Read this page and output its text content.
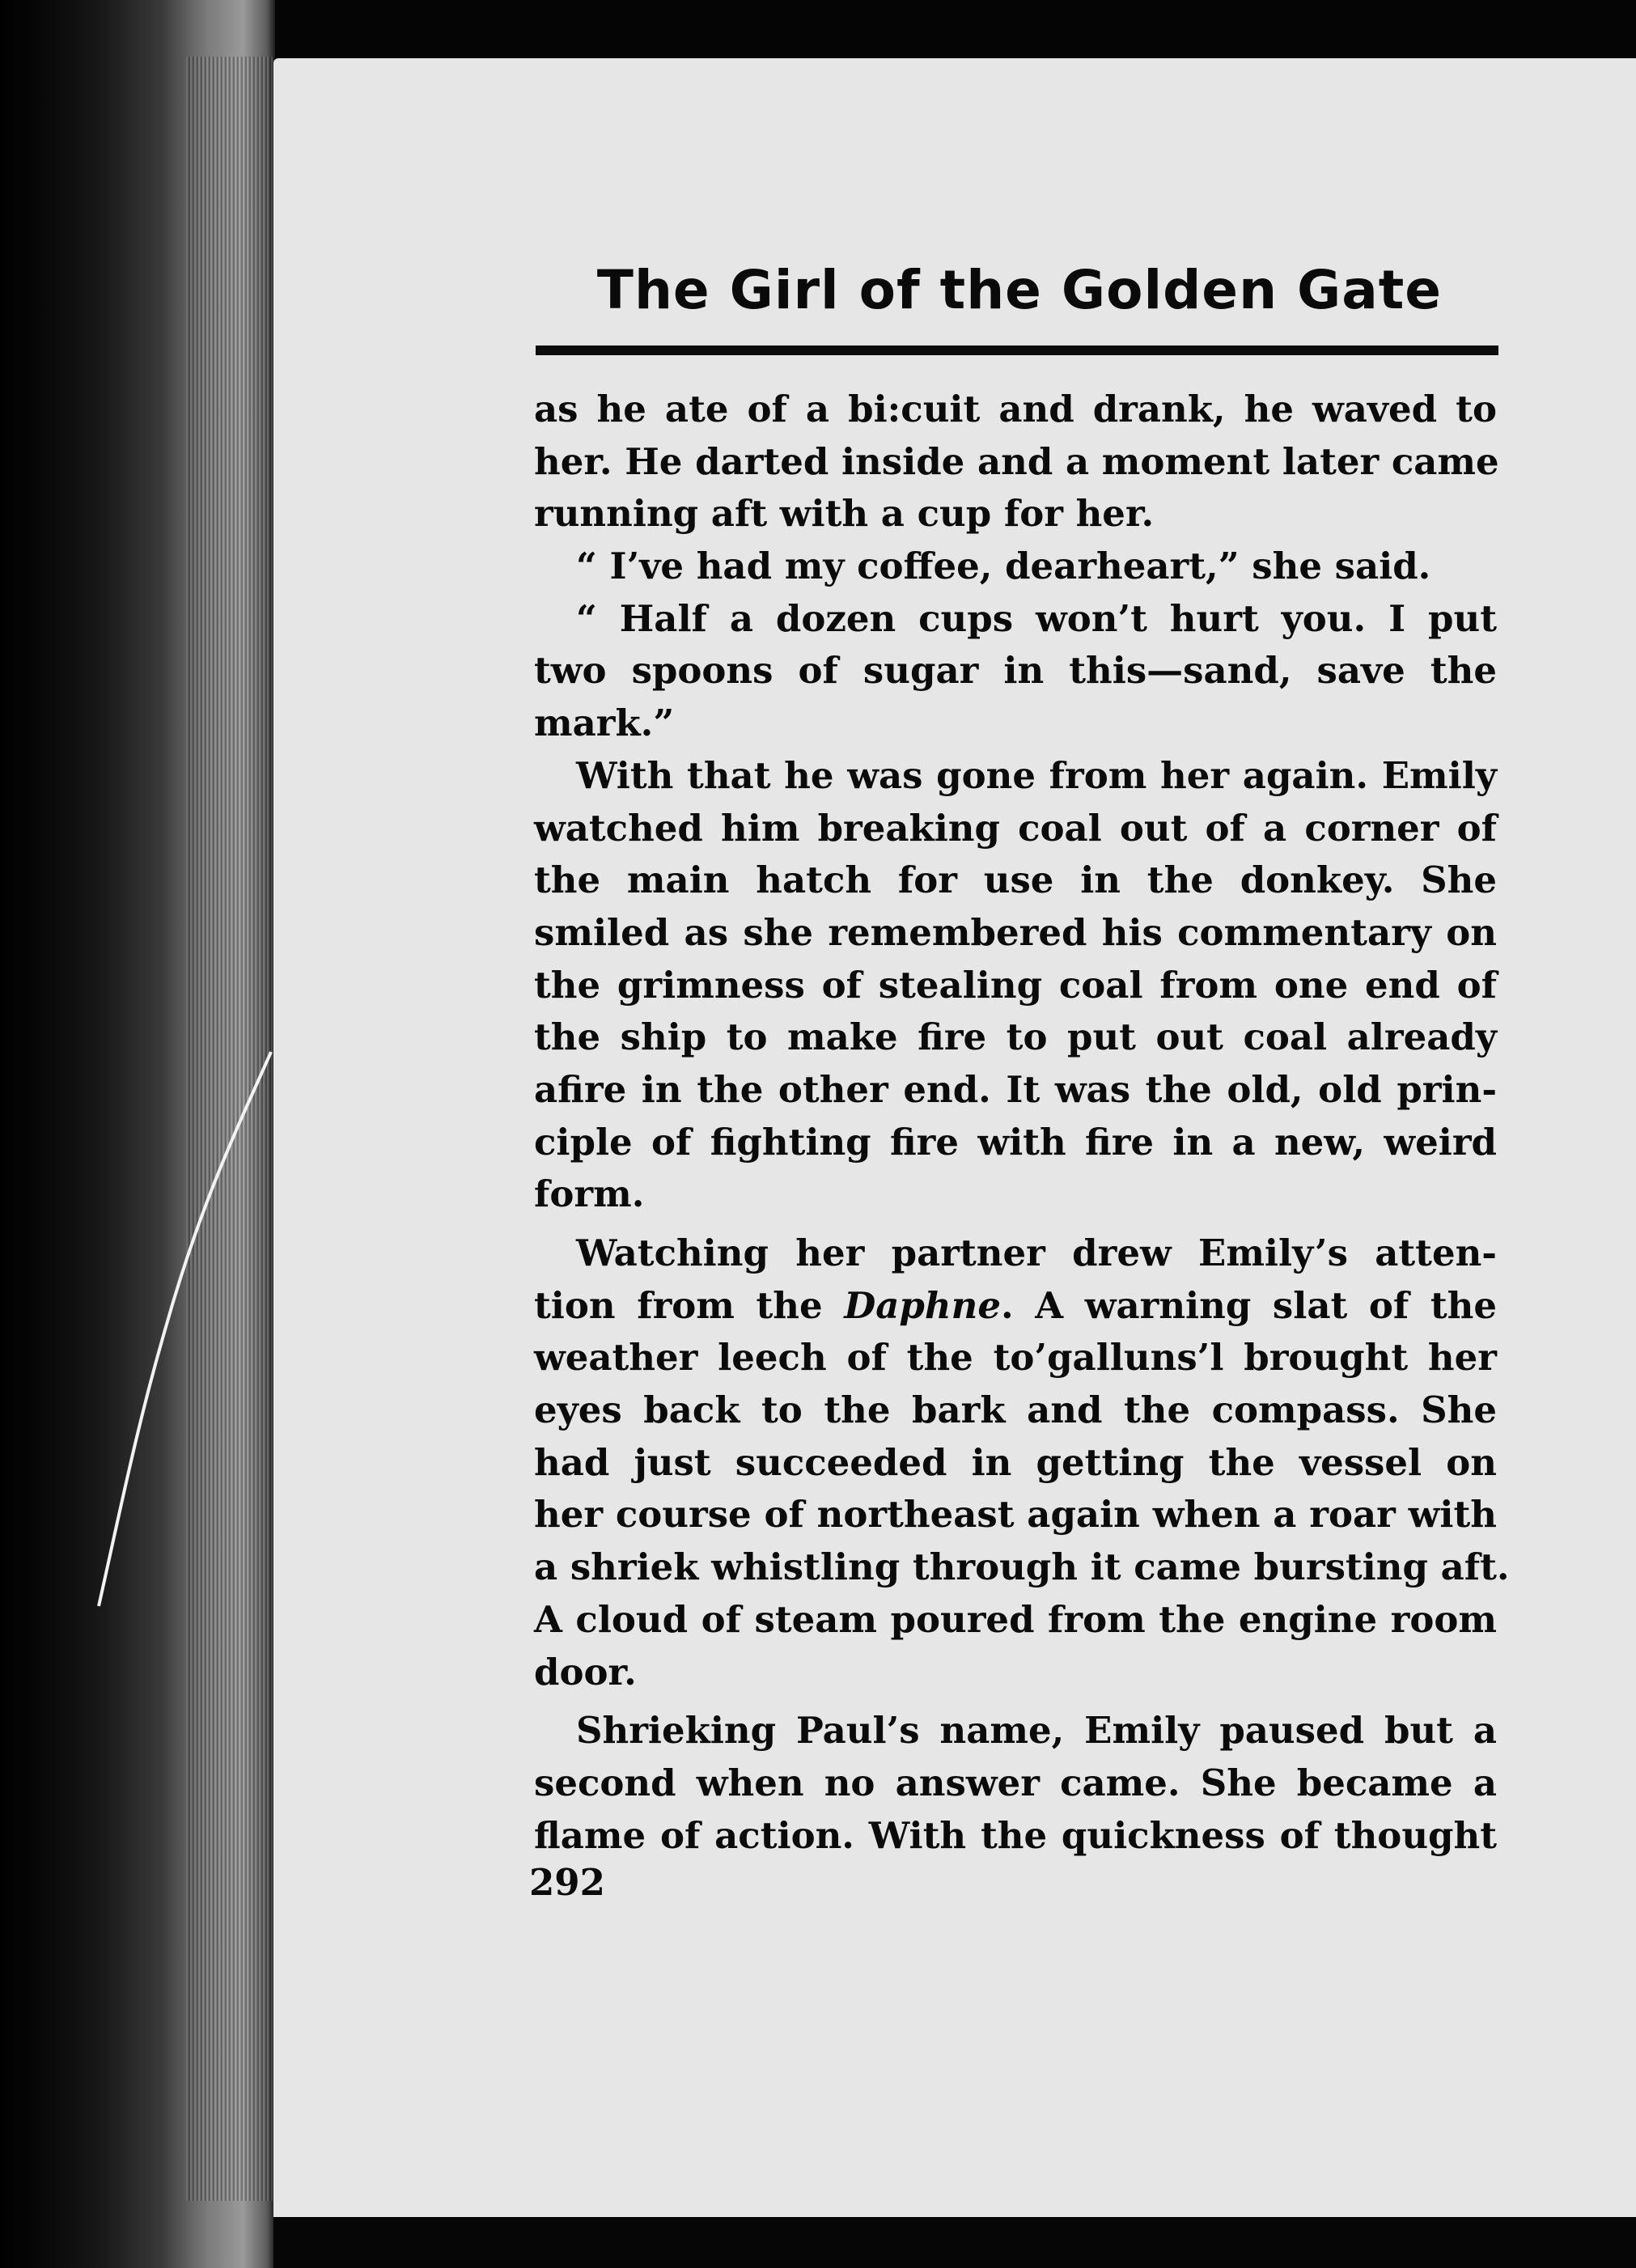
The Girl of the Golden Gate
as he ate of a bi:cuit and drank, he waved to
her. He darted inside and a moment later came
running aft with a cup for her.
“ I’ve had my coffee, dearheart,” she said.
“ Half a dozen cups won’t hurt you. I put
two spoons of sugar in this—sand, save the
mark.”
With that he was gone from her again. Emily
watched him breaking coal out of a corner of
the main hatch for use in the donkey. She
smiled as she remembered his commentary on
the grimness of stealing coal from one end of
the ship to make fire to put out coal already
afire in the other end. It was the old, old prin-
ciple of fighting fire with fire in a new, weird
form.
Watching her partner drew Emily’s atten-
tion from the Daphne. A warning slat of the
weather leech of the to’galluns’l brought her
eyes back to the bark and the compass. She
had just succeeded in getting the vessel on
her course of northeast again when a roar with
a shriek whistling through it came bursting aft.
A cloud of steam poured from the engine room
door.
Shrieking Paul’s name, Emily paused but a
second when no answer came. She became a
flame of action. With the quickness of thought
292
